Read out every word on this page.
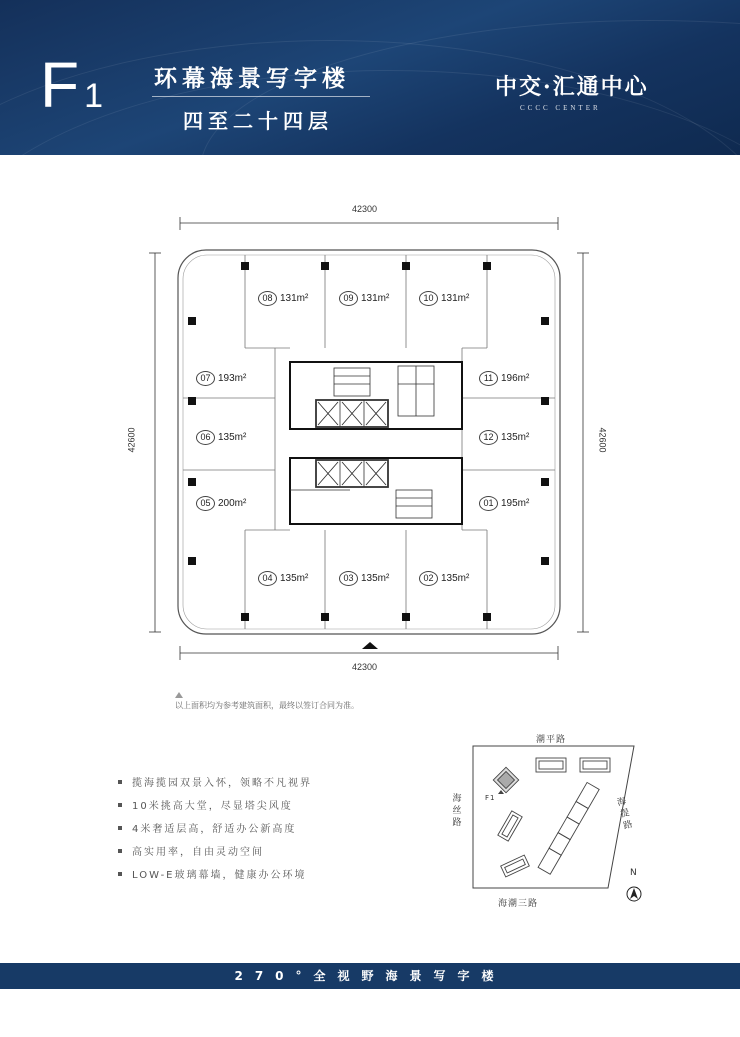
F 1 环幕海景写字楼
四至二十四层
中交·汇通中心
CCCC CENTER
42300
42300
42600	42600
08 131m²	09 131m²	10 131m²
07 193m²	11 196m²
06 135m²	12 135m²
05 200m²	01 195m²
04 135m²	03 135m²	02 135m²
以上面积均为参考建筑面积，最终以签订合同为准。
揽海揽园双景入怀，领略不凡视界
10米挑高大堂，尽显塔尖风度
4米奢适层高，舒适办公新高度
高实用率，自由灵动空间
LOW-E玻璃幕墙，健康办公环境
潮平路
海丝路
海提路
海潮三路
F1
N
270°全视野海景写字楼
